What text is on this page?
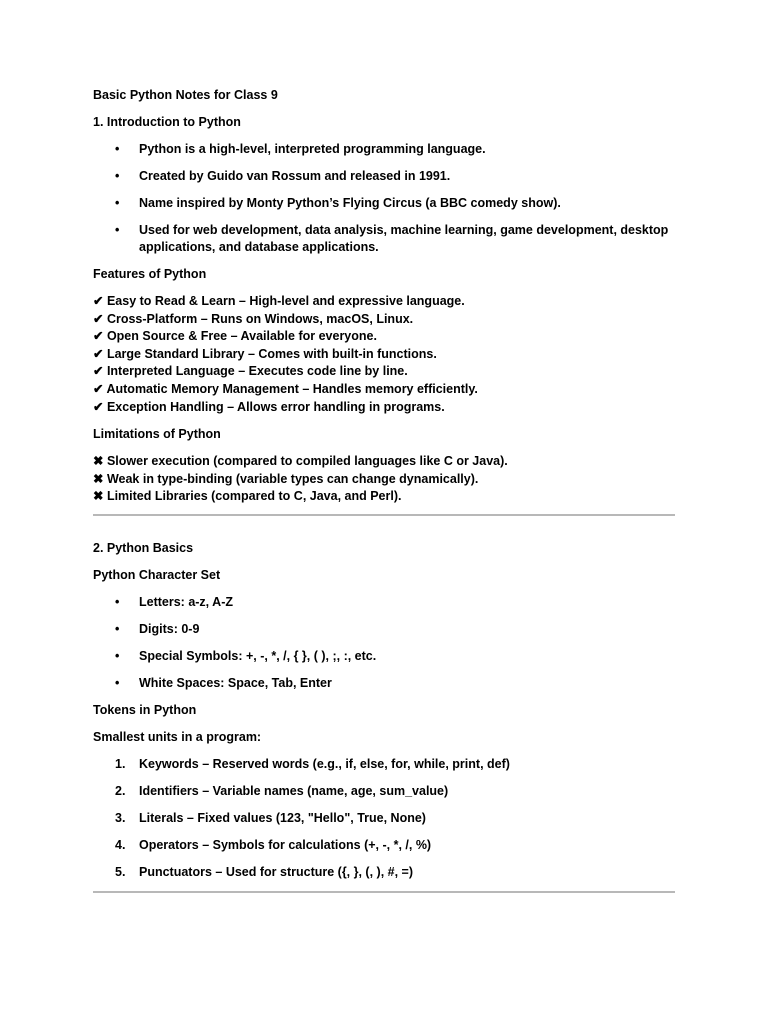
Basic Python Notes for Class 9

1. Introduction to Python

• Python is a high-level, interpreted programming language.
• Created by Guido van Rossum and released in 1991.
• Name inspired by Monty Python’s Flying Circus (a BBC comedy show).
• Used for web development, data analysis, machine learning, game development, desktop applications, and database applications.

Features of Python

✔ Easy to Read & Learn – High-level and expressive language.
✔ Cross-Platform – Runs on Windows, macOS, Linux.
✔ Open Source & Free – Available for everyone.
✔ Large Standard Library – Comes with built-in functions.
✔ Interpreted Language – Executes code line by line.
✔ Automatic Memory Management – Handles memory efficiently.
✔ Exception Handling – Allows error handling in programs.

Limitations of Python

✖ Slower execution (compared to compiled languages like C or Java).
✖ Weak in type-binding (variable types can change dynamically).
✖ Limited Libraries (compared to C, Java, and Perl).

2. Python Basics

Python Character Set

• Letters: a-z, A-Z
• Digits: 0-9
• Special Symbols: +, -, *, /, { }, ( ), ;, :, etc.
• White Spaces: Space, Tab, Enter

Tokens in Python

Smallest units in a program:

1. Keywords – Reserved words (e.g., if, else, for, while, print, def)
2. Identifiers – Variable names (name, age, sum_value)
3. Literals – Fixed values (123, "Hello", True, None)
4. Operators – Symbols for calculations (+, -, *, /, %)
5. Punctuators – Used for structure ({, }, (, ), #, =)
